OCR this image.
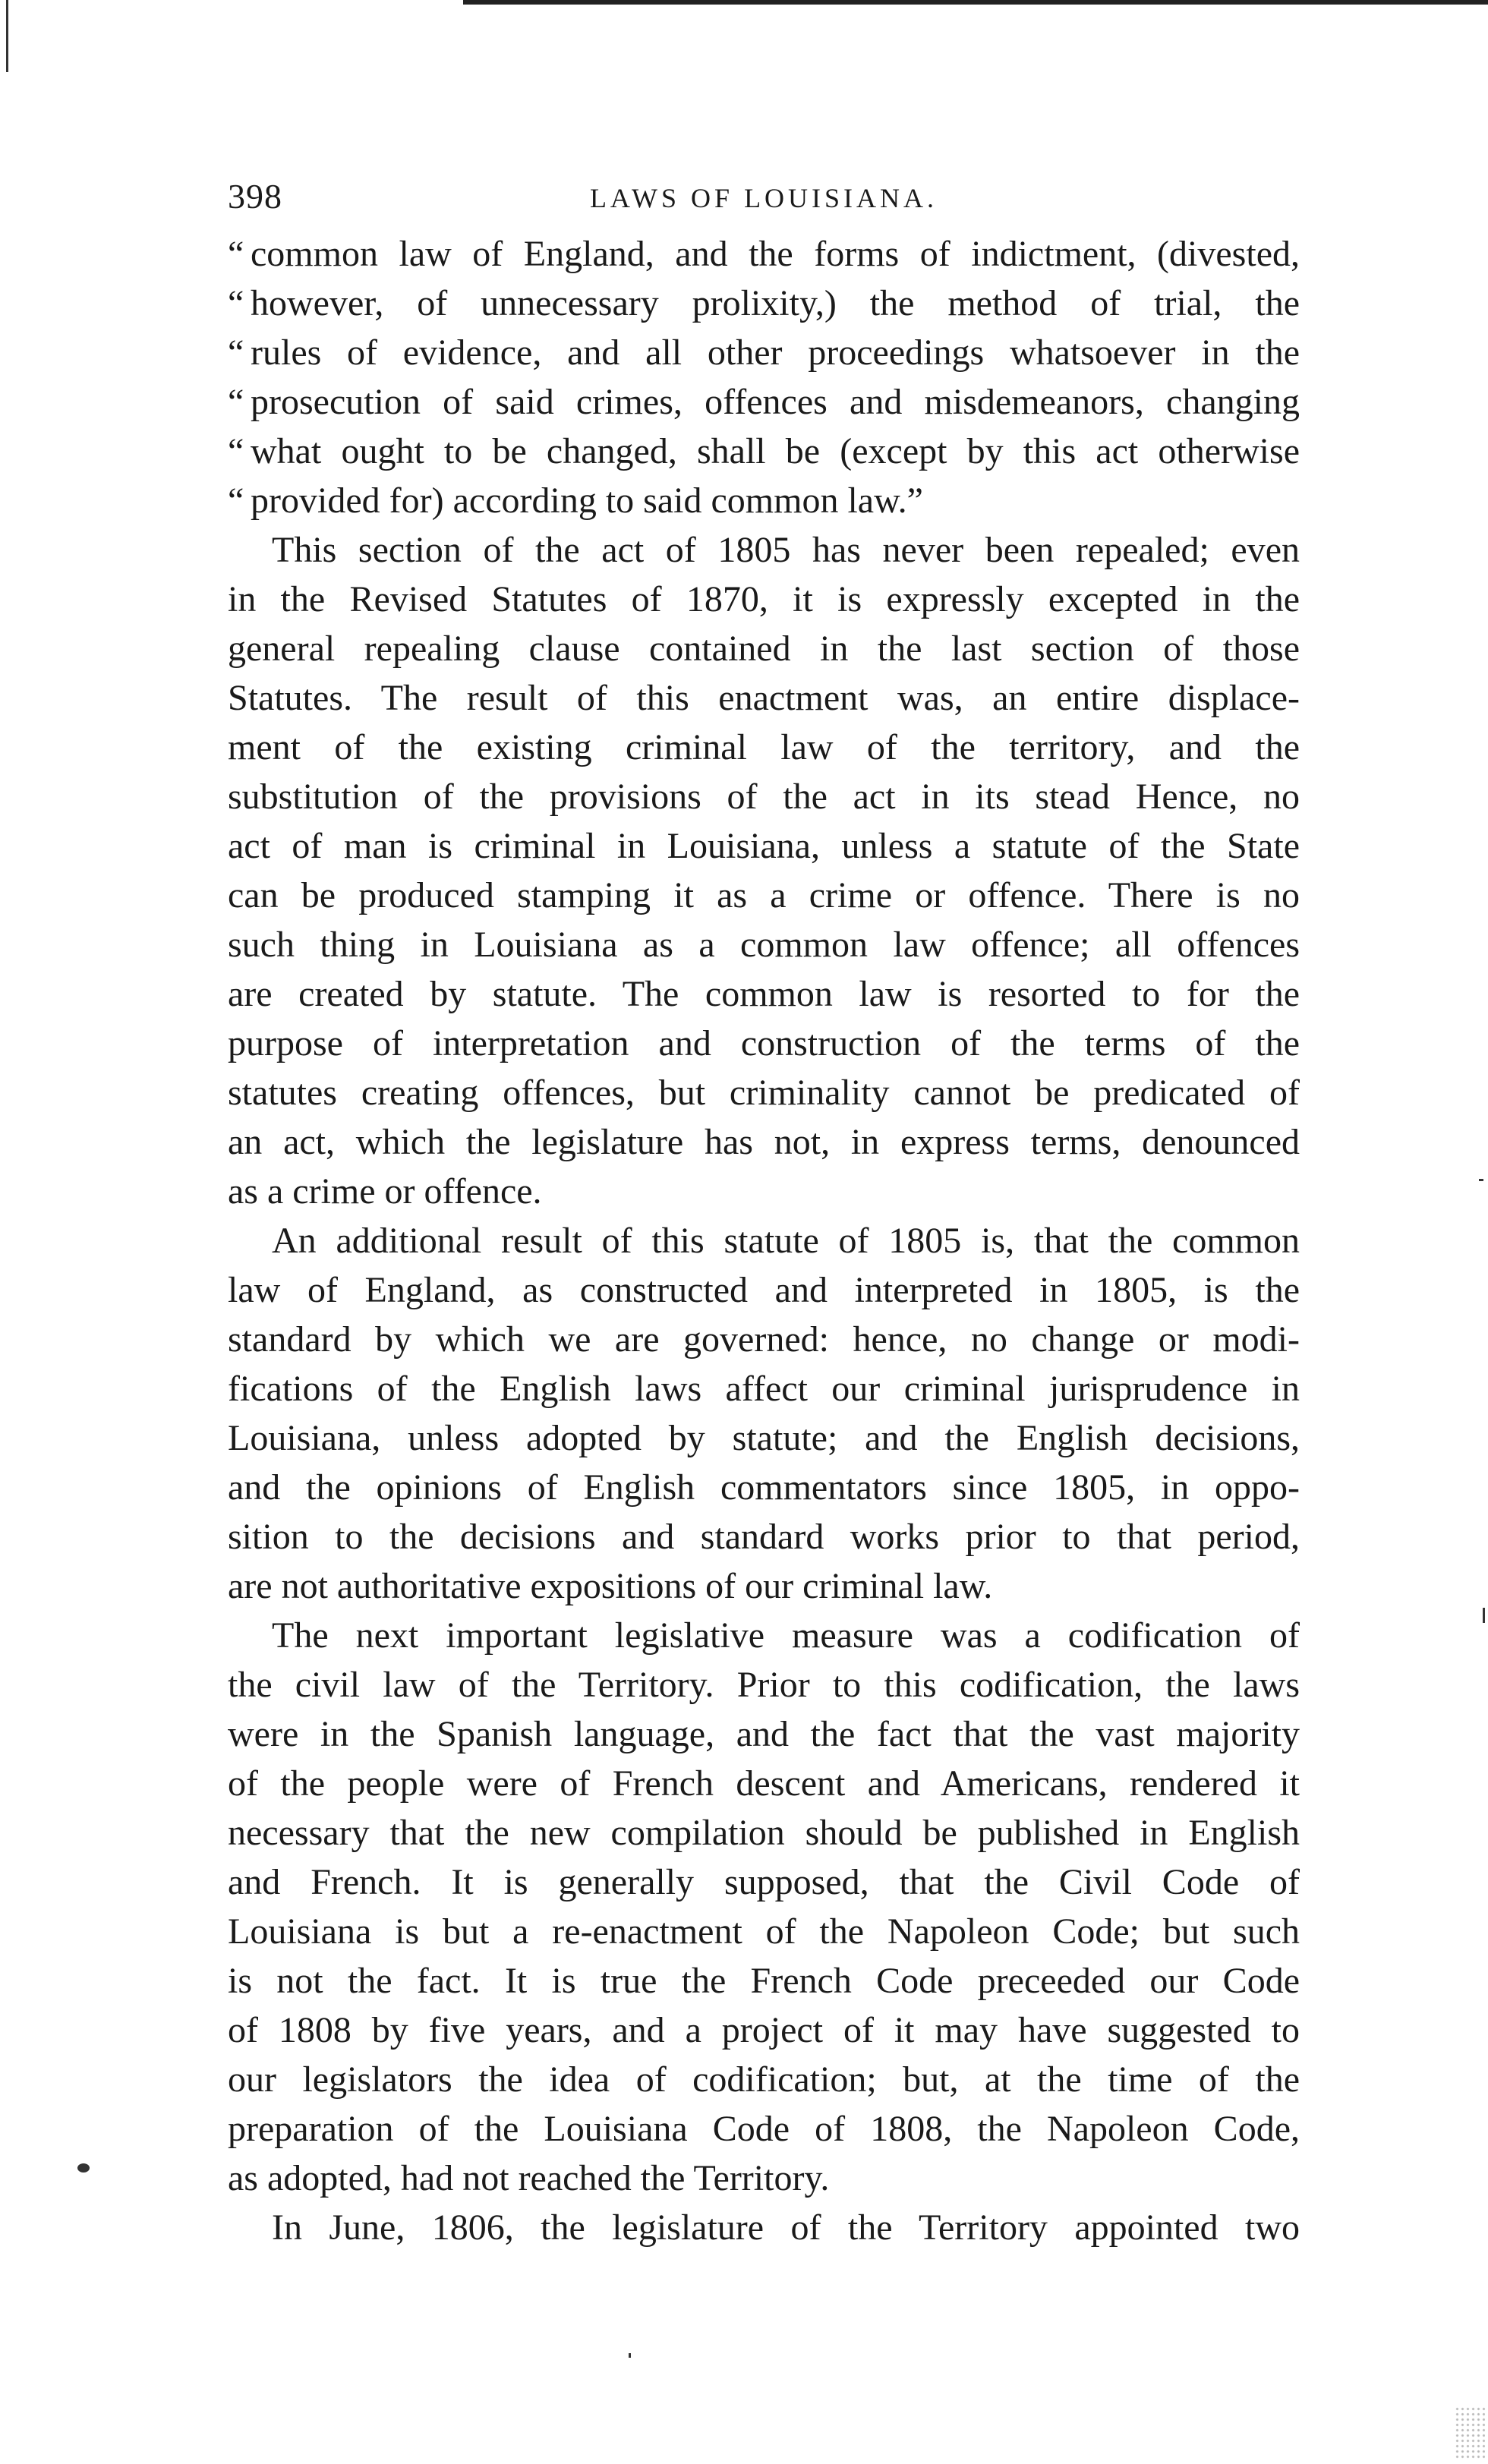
398	LAWS OF LOUISIANA.
“ common law of England, and the forms of indictment, (divested,
“ however, of unnecessary prolixity,) the method of trial, the
“ rules of evidence, and all other proceedings whatsoever in the
“ prosecution of said crimes, offences and misdemeanors, changing
“ what ought to be changed, shall be (except by this act otherwise
“ provided for) according to said common law.”
This section of the act of 1805 has never been repealed; even
in the Revised Statutes of 1870, it is expressly excepted in the
general repealing clause contained in the last section of those
Statutes. The result of this enactment was, an entire displace-
ment of the existing criminal law of the territory, and the
substitution of the provisions of the act in its stead Hence, no
act of man is criminal in Louisiana, unless a statute of the State
can be produced stamping it as a crime or offence. There is no
such thing in Louisiana as a common law offence; all offences
are created by statute. The common law is resorted to for the
purpose of interpretation and construction of the terms of the
statutes creating offences, but criminality cannot be predicated of
an act, which the legislature has not, in express terms, denounced
as a crime or offence.
An additional result of this statute of 1805 is, that the common
law of England, as constructed and interpreted in 1805, is the
standard by which we are governed: hence, no change or modi-
fications of the English laws affect our criminal jurisprudence in
Louisiana, unless adopted by statute; and the English decisions,
and the opinions of English commentators since 1805, in oppo-
sition to the decisions and standard works prior to that period,
are not authoritative expositions of our criminal law.
The next important legislative measure was a codification of
the civil law of the Territory. Prior to this codification, the laws
were in the Spanish language, and the fact that the vast majority
of the people were of French descent and Americans, rendered it
necessary that the new compilation should be published in English
and French. It is generally supposed, that the Civil Code of
Louisiana is but a re-enactment of the Napoleon Code; but such
is not the fact. It is true the French Code preceeded our Code
of 1808 by five years, and a project of it may have suggested to
our legislators the idea of codification; but, at the time of the
preparation of the Louisiana Code of 1808, the Napoleon Code,
as adopted, had not reached the Territory.
In June, 1806, the legislature of the Territory appointed two
